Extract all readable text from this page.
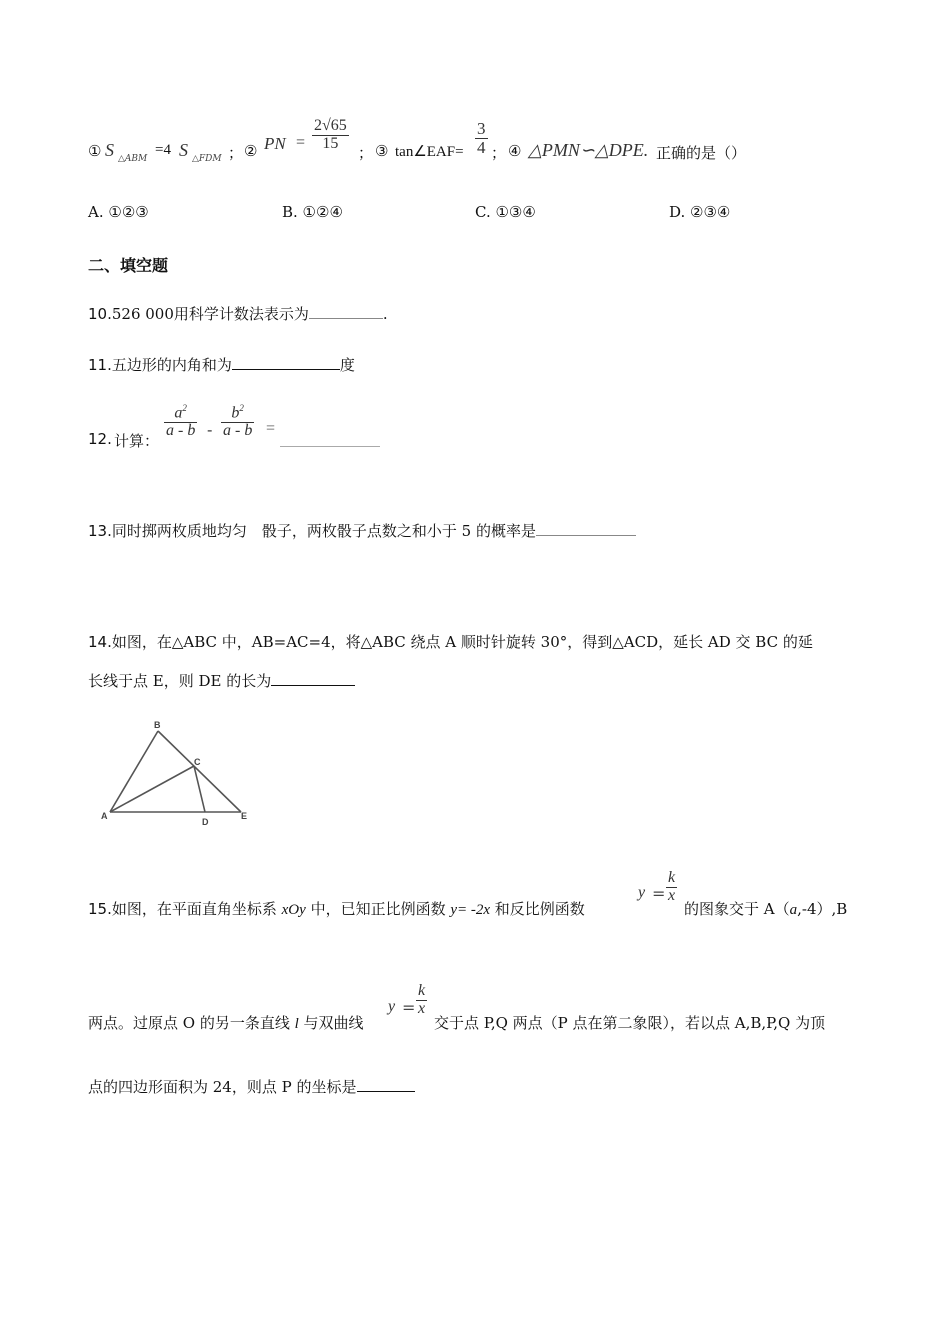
① S △ABM
=4 S △FDM ； ② PN = $\frac{2√65}{15}$
； ③ tan∠EAF= $\frac{3}{4}$ ； ④ △PMN∽△DPE. 正确的是（）
A. ①②③	B. ①②④	C. ①③④	D. ②③④
二、填空题
10.526 000用科学计数法表示为	.
11.五边形的内角和为	度
12. 计算：
$\frac{a^2}{a - b} - \frac{b^2}{a - b}$ =
13.同时掷两枚质地均匀　骰子，两枚骰子点数之和小于 5 的概率是
14.如图，在△ABC 中，AB=AC=4，将△ABC 绕点 A 顺时针旋转 30°，得到△ACD，延长 AD 交 BC 的延
长线于点 E，则 DE 的长为
A
B
C
D
E
15.如图，在平面直角坐标系 xOy 中，已知正比例函数 y= -2x 和反比例函数
$y = \frac{k}{x}$
的图象交于 A（a,-4）,B
两点。过原点 O 的另一条直线 l 与双曲线
$y = \frac{k}{x}$
交于点 P,Q 两点（P 点在第二象限），若以点 A,B,P,Q 为顶
点的四边形面积为 24，则点 P 的坐标是
